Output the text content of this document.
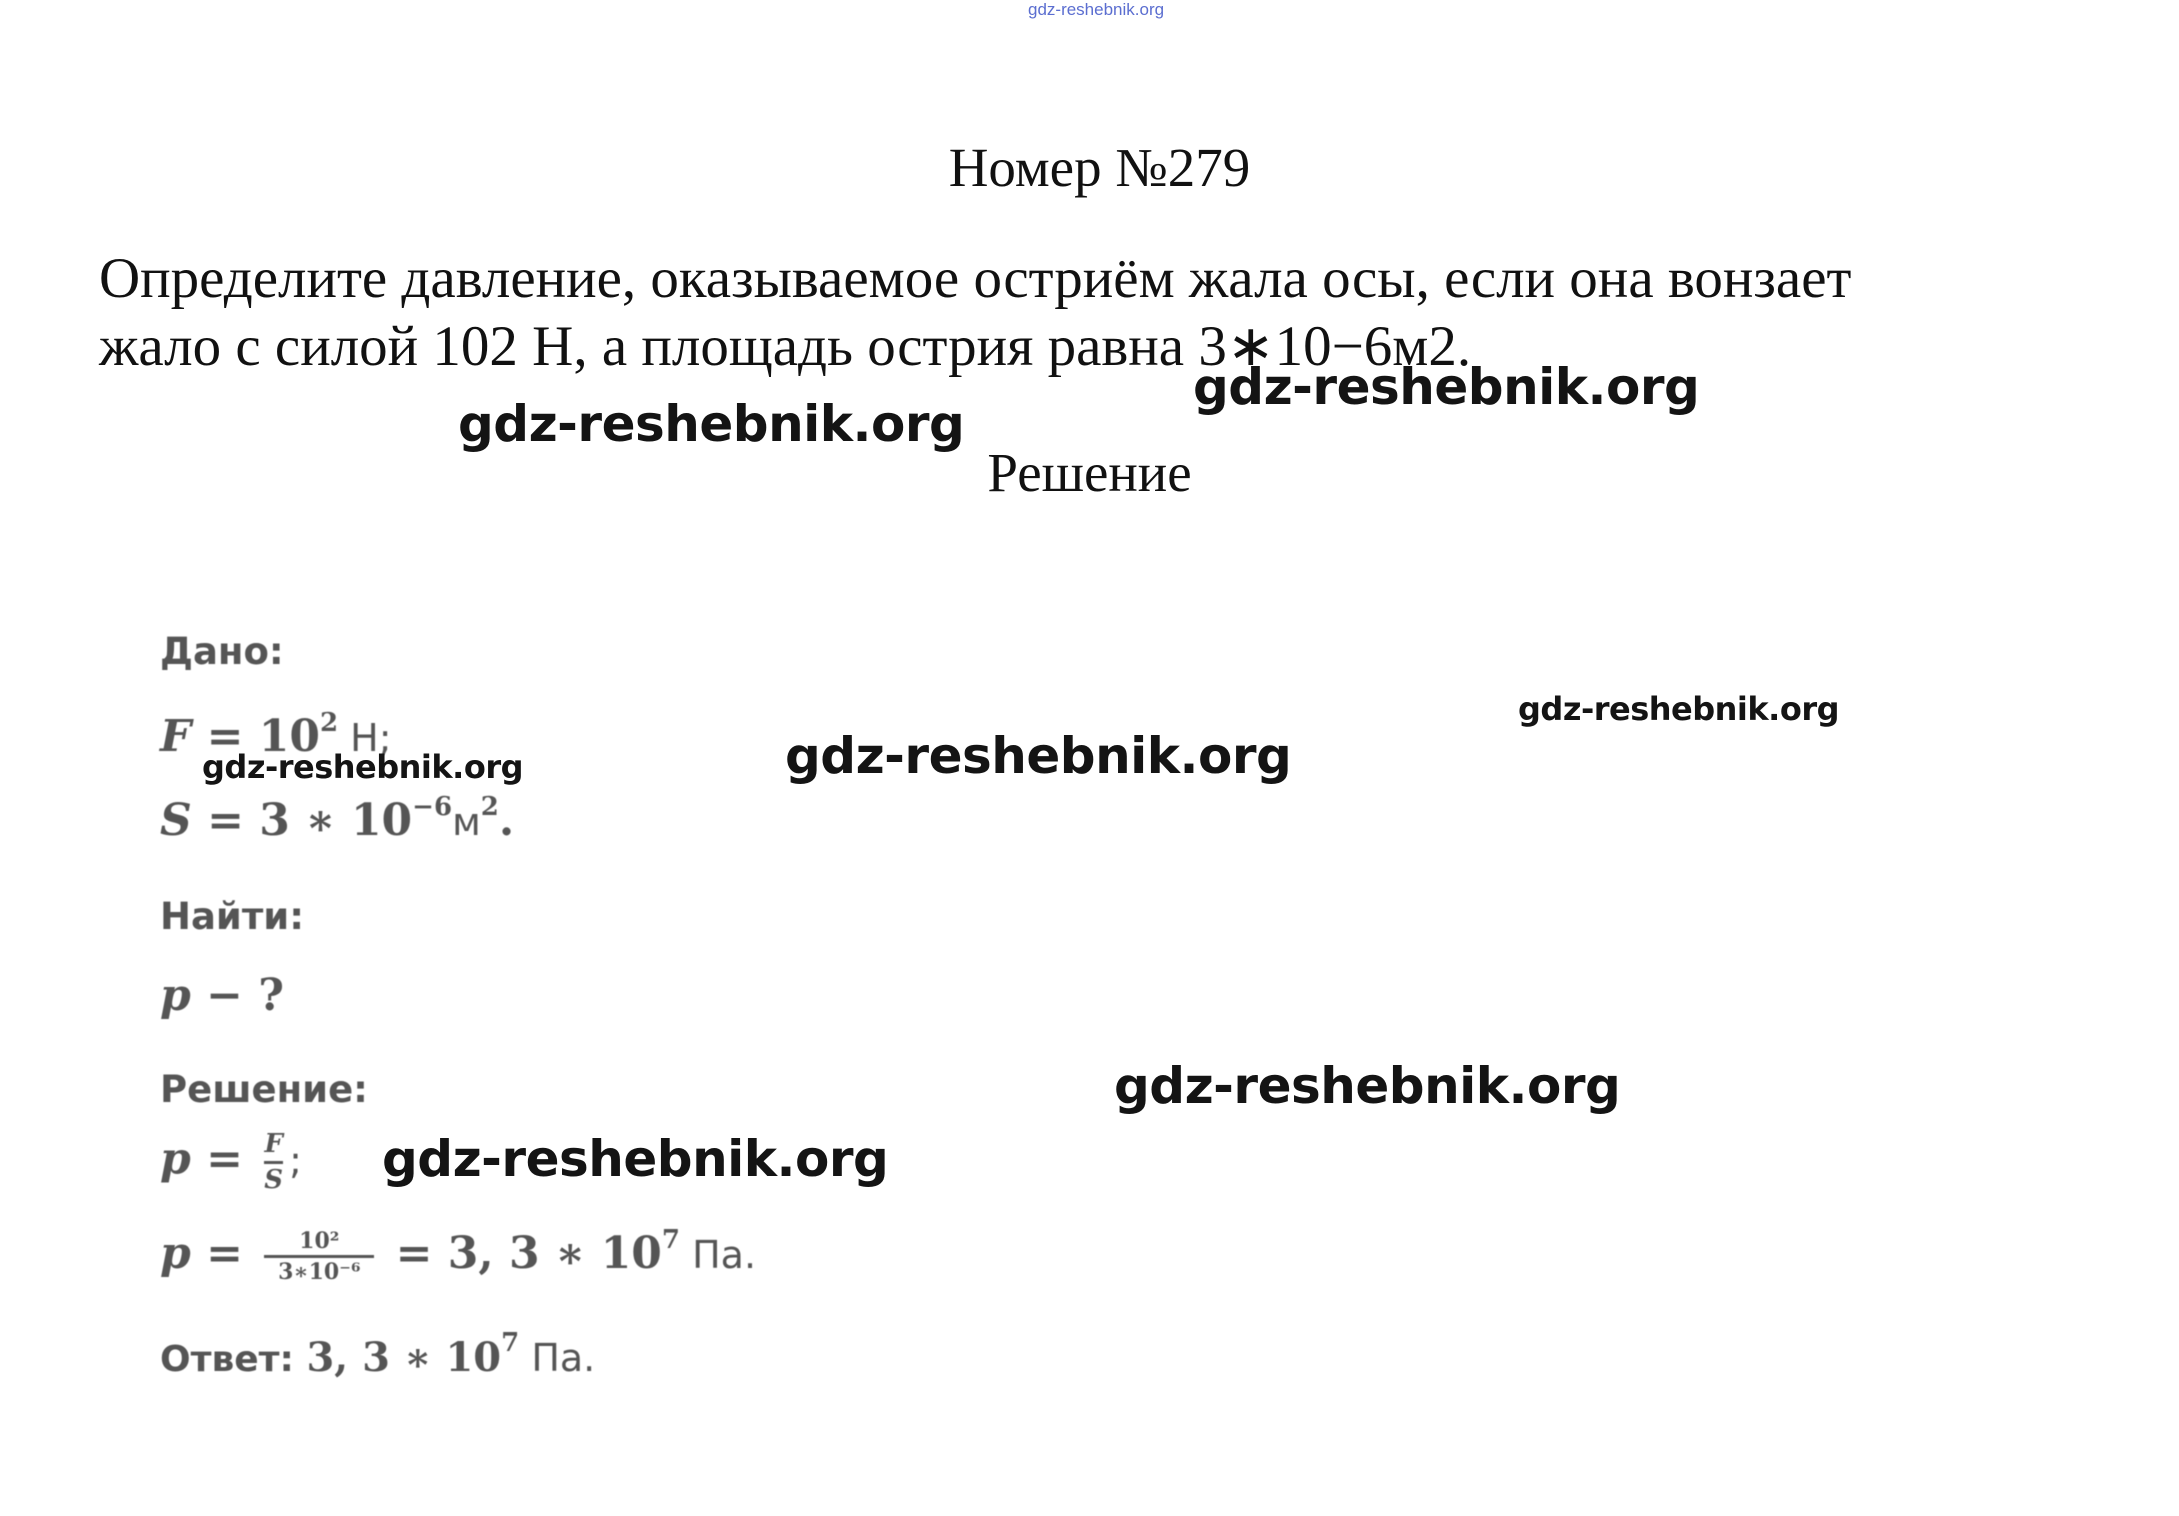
gdz-reshebnik.org
Номер №279
Определите давление, оказываемое остриём жала осы, если она вонзает
жало с силой 102 Н, а площадь острия равна 3∗10−6м2.
Решение
Дано:
$F = 10^2$ Н;
S = 3 ∗ $10^{-6}м^2$.
Найти:
p − ?
Решение:
$p = \frac{F}{S}$ ;
$p = \frac{\text{10²}}{\text{3∗10⁻⁶}} = 3$, 3 ∗ $10^7$ Па.
Ответ: 3, 3 ∗ $10^7$ Па.
gdz-reshebnik.org
gdz-reshebnik.org
gdz-reshebnik.org
gdz-reshebnik.org	gdz-reshebnik.org
gdz-reshebnik.org
gdz-reshebnik.org
